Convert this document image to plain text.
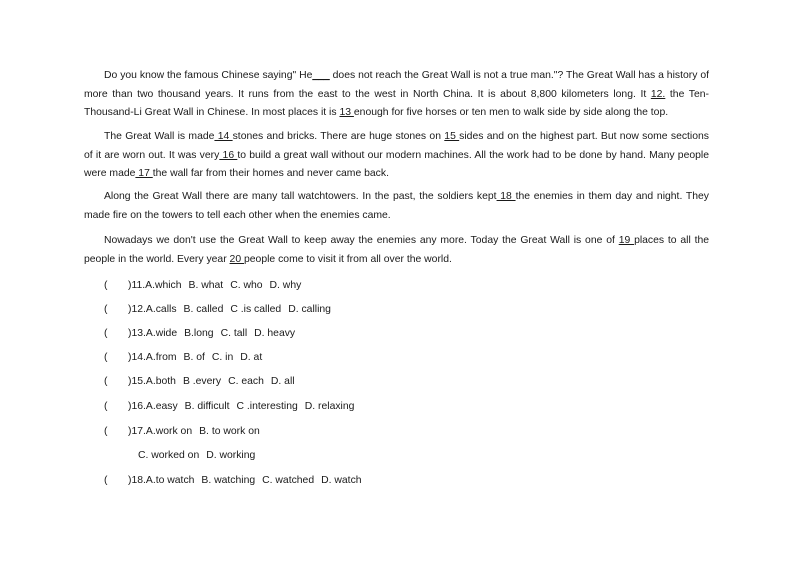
Do you know the famous Chinese saying" He___ does not reach the Great Wall is not a true man."? The Great Wall has a history of more than two thousand years. It runs from the east to the west in North China. It is about 8,800 kilometers long. It 12. the Ten-Thousand-Li Great Wall in Chinese. In most places it is 13 enough for five horses or ten men to walk side by side along the top.

The Great Wall is made 14 stones and bricks. There are huge stones on 15 sides and on the highest part. But now some sections of it are worn out. It was very 16 to build a great wall without our modern machines. All the work had to be done by hand. Many people were made 17 the wall far from their homes and never came back.

Along the Great Wall there are many tall watchtowers. In the past, the soldiers kept 18 the enemies in them day and night. They made fire on the towers to tell each other when the enemies came.

Nowadays we don't use the Great Wall to keep away the enemies any more. Today the Great Wall is one of 19 places to all the people in the world. Every year 20 people come to visit it from all over the world.

( )11.A.which B. what C. who D. why
( )12.A.calls B. called C .is called D. calling
( )13.A.wide B.long C. tall D. heavy
( )14.A.from B. of C. in D. at
( )15.A.both B .every C. each D. all
( )16.A.easy B. difficult C .interesting D. relaxing
( )17.A.work on B. to work on
C. worked on D. working
( )18.A.to watch B. watching C. watched D. watch
